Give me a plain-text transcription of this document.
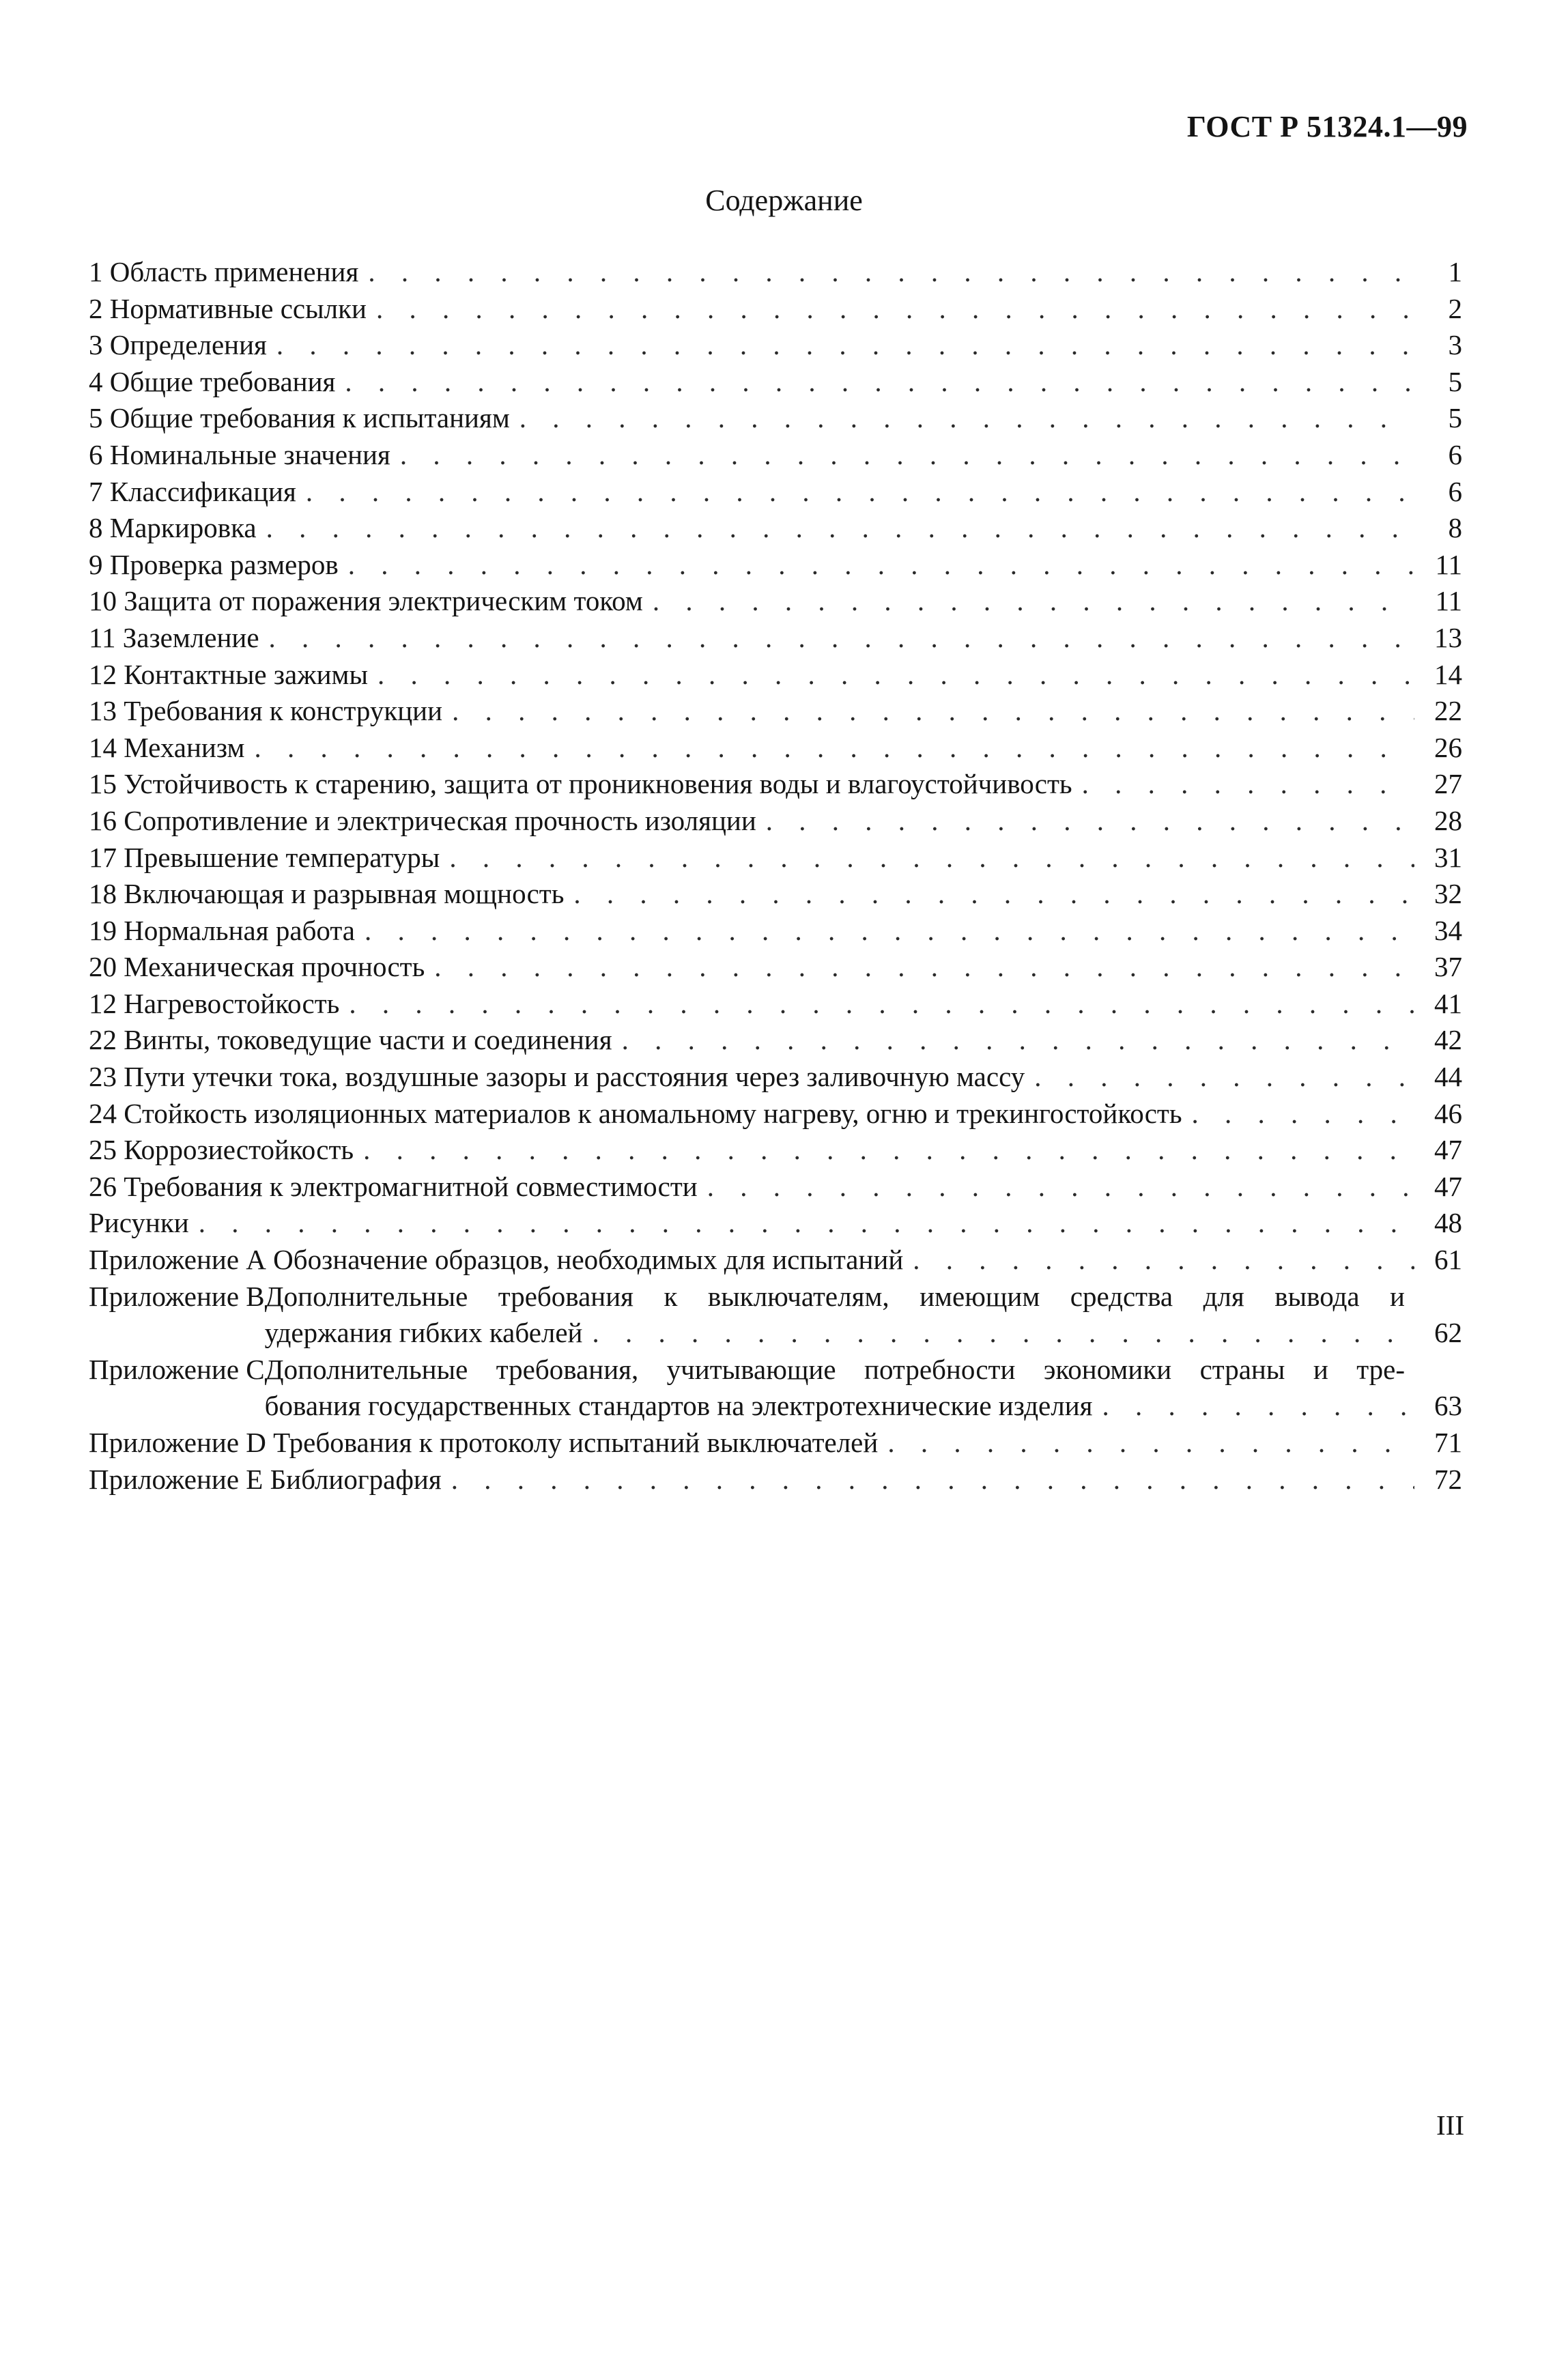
ГОСТ Р 51324.1—99
Содержание
1 Область применения . . .	1
2 Нормативные ссылки . . .	2
3 Определения . . .	3
4 Общие требования . . .	5
5 Общие требования к испытаниям . . .	5
6 Номинальные значения . . .	6
7 Классификация . . .	6
8 Маркировка . . .	8
9 Проверка размеров . . .	11
10 Защита от поражения электрическим током . . .	11
11 Заземление . . .	13
12 Контактные зажимы . . .	14
13 Требования к конструкции . . .	22
14 Механизм . . .	26
15 Устойчивость к старению, защита от проникновения воды и влагоустойчивость . . .	27
16 Сопротивление и электрическая прочность изоляции . . .	28
17 Превышение температуры . . .	31
18 Включающая и разрывная мощность . . .	32
19 Нормальная работа . . .	34
20 Механическая прочность . . .	37
12 Нагревостойкость . . .	41
22 Винты, токоведущие части и соединения . . .	42
23 Пути утечки тока, воздушные зазоры и расстояния через заливочную массу . . .	44
24 Стойкость изоляционных материалов к аномальному нагреву, огню и трекингостойкость . . .	46
25 Коррозиестойкость . . .	47
26 Требования к электромагнитной совместимости . . .	47
Рисунки . . .	48
Приложение А Обозначение образцов, необходимых для испытаний . . .	61
Приложение В Дополнительные требования к выключателям, имеющим средства для вывода и
удержания гибких кабелей . . .	62
Приложение С Дополнительные требования, учитывающие потребности экономики страны и тре-
бования государственных стандартов на электротехнические изделия . . .	63
Приложение D Требования к протоколу испытаний выключателей . . .	71
Приложение Е Библиография . . .	72
III
